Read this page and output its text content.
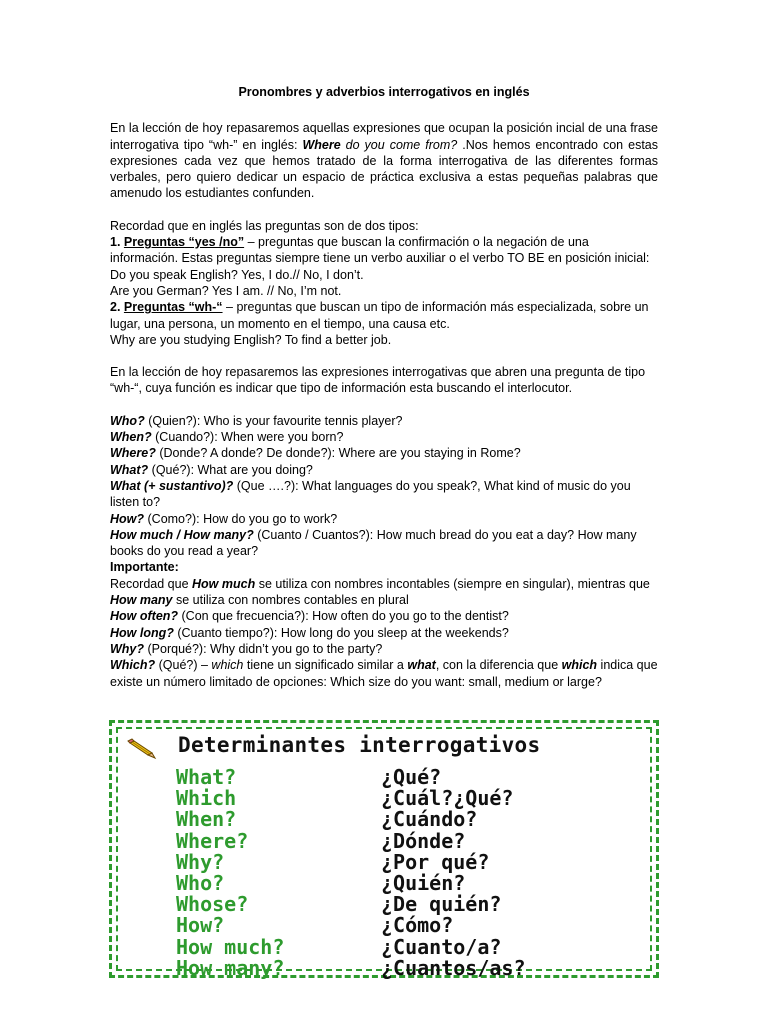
Pronombres y adverbios interrogativos en inglés

En la lección de hoy repasaremos aquellas expresiones que ocupan la posición incial de una frase interrogativa tipo “wh-” en inglés: Where do you come from? .Nos hemos encontrado con estas expresiones cada vez que hemos tratado de la forma interrogativa de las diferentes formas verbales, pero quiero dedicar un espacio de práctica exclusiva a estas pequeñas palabras que amenudo los estudiantes confunden.

Recordad que en inglés las preguntas son de dos tipos:

1. Preguntas “yes /no” – preguntas que buscan la confirmación o la negación de una información. Estas preguntas siempre tiene un verbo auxiliar o el verbo TO BE en posición inicial:

Do you speak English? Yes, I do.// No, I don’t.

Are you German? Yes I am. // No, I’m not.

2. Preguntas “wh-“ – preguntas que buscan un tipo de información más especializada, sobre un lugar, una persona, un momento en el tiempo, una causa etc.

Why are you studying English? To find a better job.

En la lección de hoy repasaremos las expresiones interrogativas que abren una pregunta de tipo “wh-“, cuya función es indicar que tipo de información esta buscando el interlocutor.

Who? (Quien?): Who is your favourite tennis player?

When? (Cuando?): When were you born?

Where? (Donde? A donde? De donde?): Where are you staying in Rome?

What? (Qué?): What are you doing?

What (+ sustantivo)? (Que ….?): What languages do you speak?, What kind of music do you listen to?

How? (Como?): How do you go to work?

How much / How many? (Cuanto / Cuantos?): How much bread do you eat a day? How many books do you read a year?

Importante:

Recordad que How much se utiliza con nombres incontables (siempre en singular), mientras que How many se utiliza con nombres contables en plural

How often? (Con que frecuencia?): How often do you go to the dentist?

How long? (Cuanto tiempo?): How long do you sleep at the weekends?

Why? (Porqué?): Why didn’t you go to the party?

Which? (Qué?) – which tiene un significado similar a what, con la diferencia que which indica que existe un número limitado de opciones: Which size do you want: small, medium or large?

Determinantes interrogativos
What?	¿Qué?
Which	¿Cuál?¿Qué?
When?	¿Cuándo?
Where?	¿Dónde?
Why?	¿Por qué?
Who?	¿Quién?
Whose?	¿De quién?
How?	¿Cómo?
How much?	¿Cuanto/a?
How many?	¿Cuantos/as?
